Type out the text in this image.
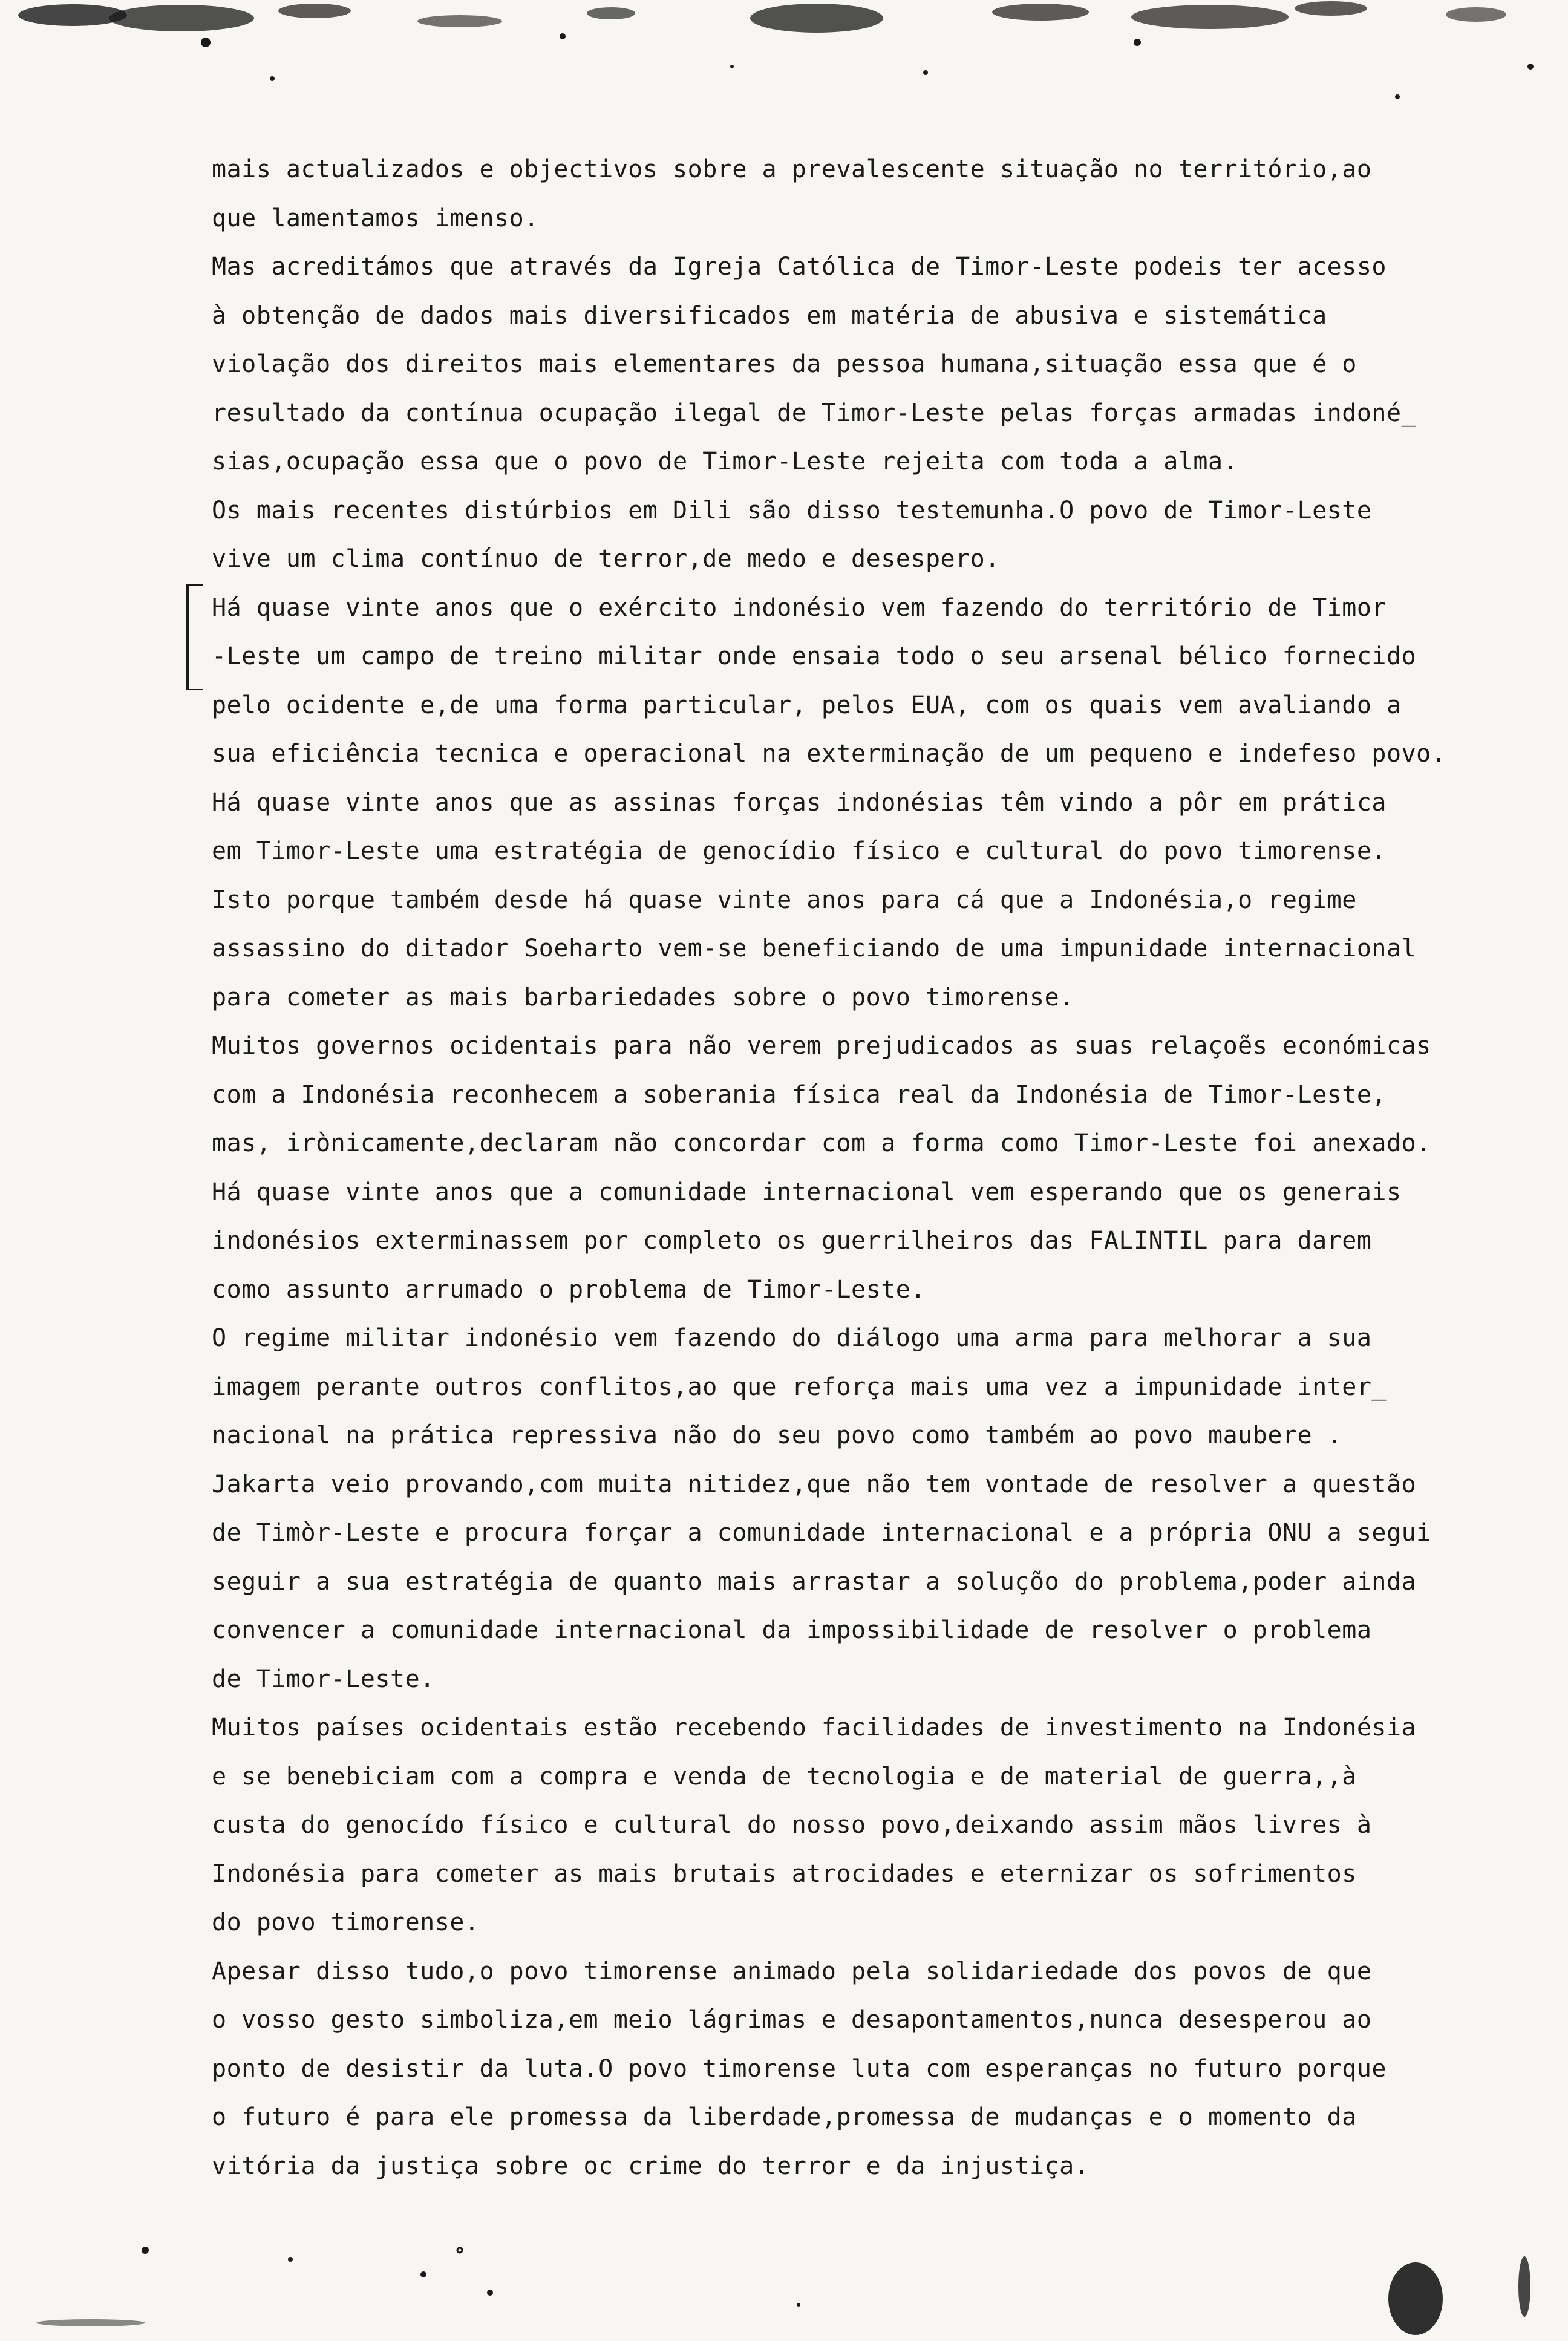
mais actualizados e objectivos sobre a prevalescente situação no território,ao
que lamentamos imenso.
Mas acreditámos que através da Igreja Católica de Timor-Leste podeis ter acesso
à obtenção de dados mais diversificados em matéria de abusiva e sistemática
violação dos direitos mais elementares da pessoa humana,situação essa que é o
resultado da contínua ocupação ilegal de Timor-Leste pelas forças armadas indoné_
sias,ocupação essa que o povo de Timor-Leste rejeita com toda a alma.
Os mais recentes distúrbios em Dili são disso testemunha.O povo de Timor-Leste
vive um clima contínuo de terror,de medo e desespero.
Há quase vinte anos que o exército indonésio vem fazendo do território de Timor
-Leste um campo de treino militar onde ensaia todo o seu arsenal bélico fornecido
pelo ocidente e,de uma forma particular, pelos EUA, com os quais vem avaliando a
sua eficiência tecnica e operacional na exterminação de um pequeno e indefeso povo.
Há quase vinte anos que as assinas forças indonésias têm vindo a pôr em prática
em Timor-Leste uma estratégia de genocídio físico e cultural do povo timorense.
Isto porque também desde há quase vinte anos para cá que a Indonésia,o regime
assassino do ditador Soeharto vem-se beneficiando de uma impunidade internacional
para cometer as mais barbariedades sobre o povo timorense.
Muitos governos ocidentais para não verem prejudicados as suas relaçoẽs económicas
com a Indonésia reconhecem a soberania física real da Indonésia de Timor-Leste,
mas, irònicamente,declaram não concordar com a forma como Timor-Leste foi anexado.
Há quase vinte anos que a comunidade internacional vem esperando que os generais
indonésios exterminassem por completo os guerrilheiros das FALINTIL para darem
como assunto arrumado o problema de Timor-Leste.
O regime militar indonésio vem fazendo do diálogo uma arma para melhorar a sua
imagem perante outros conflitos,ao que reforça mais uma vez a impunidade inter_
nacional na prática repressiva não do seu povo como também ao povo maubere .
Jakarta veio provando,com muita nitidez,que não tem vontade de resolver a questão
de Timòr-Leste e procura forçar a comunidade internacional e a própria ONU a segui
seguir a sua estratégia de quanto mais arrastar a soluçõo do problema,poder ainda
convencer a comunidade internacional da impossibilidade de resolver o problema
de Timor-Leste.
Muitos países ocidentais estão recebendo facilidades de investimento na Indonésia
e se benebiciam com a compra e venda de tecnologia e de material de guerra,,à
custa do genocído físico e cultural do nosso povo,deixando assim mãos livres à
Indonésia para cometer as mais brutais atrocidades e eternizar os sofrimentos
do povo timorense.
Apesar disso tudo,o povo timorense animado pela solidariedade dos povos de que
o vosso gesto simboliza,em meio lágrimas e desapontamentos,nunca desesperou ao
ponto de desistir da luta.O povo timorense luta com esperanças no futuro porque
o futuro é para ele promessa da liberdade,promessa de mudanças e o momento da
vitória da justiça sobre oc crime do terror e da injustiça.
